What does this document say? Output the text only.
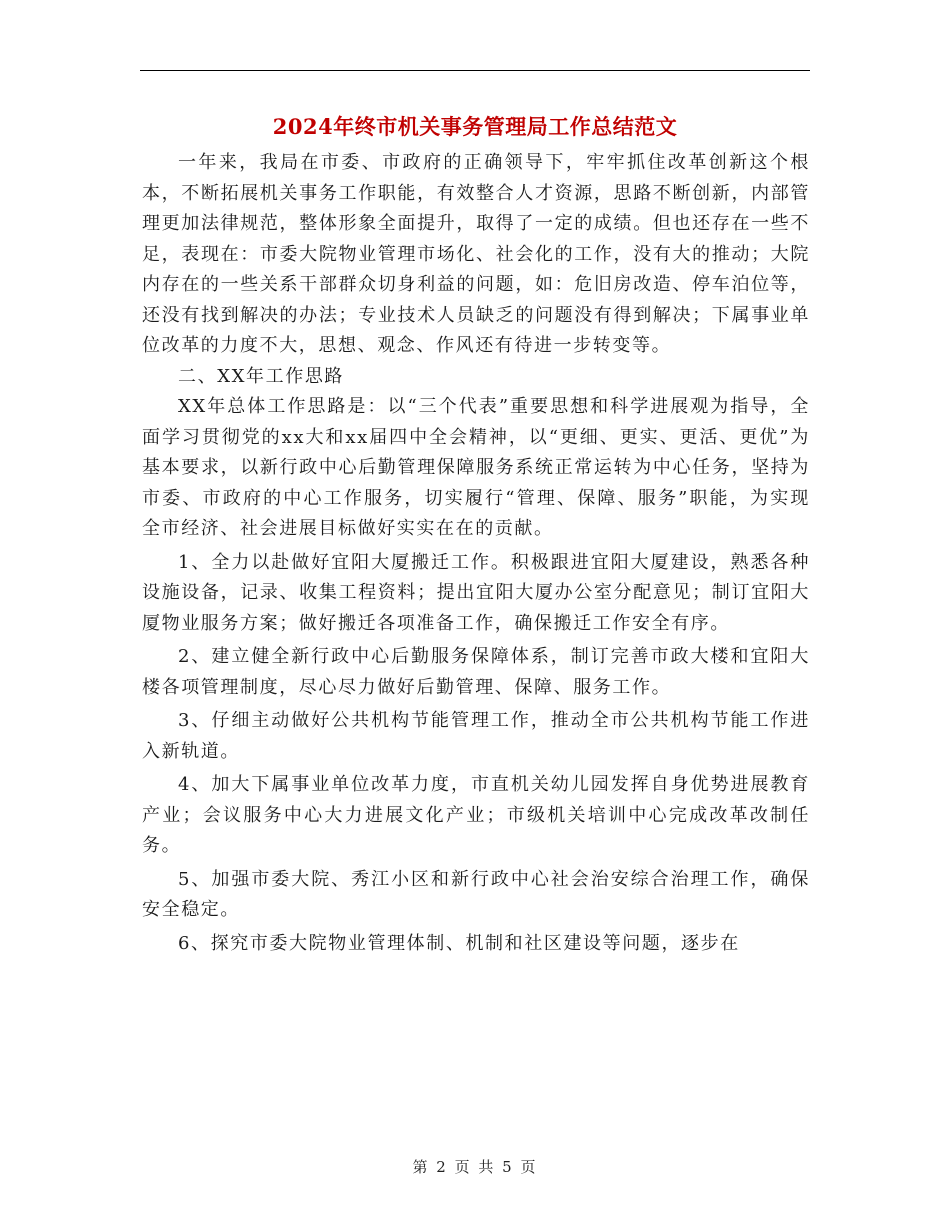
2024年终市机关事务管理局工作总结范文

一年来，我局在市委、市政府的正确领导下，牢牢抓住改革创新这个根本，不断拓展机关事务工作职能，有效整合人才资源，思路不断创新，内部管理更加法律规范，整体形象全面提升，取得了一定的成绩。但也还存在一些不足，表现在：市委大院物业管理市场化、社会化的工作，没有大的推动；大院内存在的一些关系干部群众切身利益的问题，如：危旧房改造、停车泊位等，还没有找到解决的办法；专业技术人员缺乏的问题没有得到解决；下属事业单位改革的力度不大，思想、观念、作风还有待进一步转变等。

二、XX年工作思路

XX年总体工作思路是：以“三个代表”重要思想和科学进展观为指导，全面学习贯彻党的xx大和xx届四中全会精神，以“更细、更实、更活、更优”为基本要求，以新行政中心后勤管理保障服务系统正常运转为中心任务，坚持为市委、市政府的中心工作服务，切实履行“管理、保障、服务”职能，为实现全市经济、社会进展目标做好实实在在的贡献。

1、全力以赴做好宜阳大厦搬迁工作。积极跟进宜阳大厦建设，熟悉各种设施设备，记录、收集工程资料；提出宜阳大厦办公室分配意见；制订宜阳大厦物业服务方案；做好搬迁各项准备工作，确保搬迁工作安全有序。

2、建立健全新行政中心后勤服务保障体系，制订完善市政大楼和宜阳大楼各项管理制度，尽心尽力做好后勤管理、保障、服务工作。

3、仔细主动做好公共机构节能管理工作，推动全市公共机构节能工作进入新轨道。

4、加大下属事业单位改革力度，市直机关幼儿园发挥自身优势进展教育产业；会议服务中心大力进展文化产业；市级机关培训中心完成改革改制任务。

5、加强市委大院、秀江小区和新行政中心社会治安综合治理工作，确保安全稳定。

6、探究市委大院物业管理体制、机制和社区建设等问题，逐步在

第 2 页 共 5 页
